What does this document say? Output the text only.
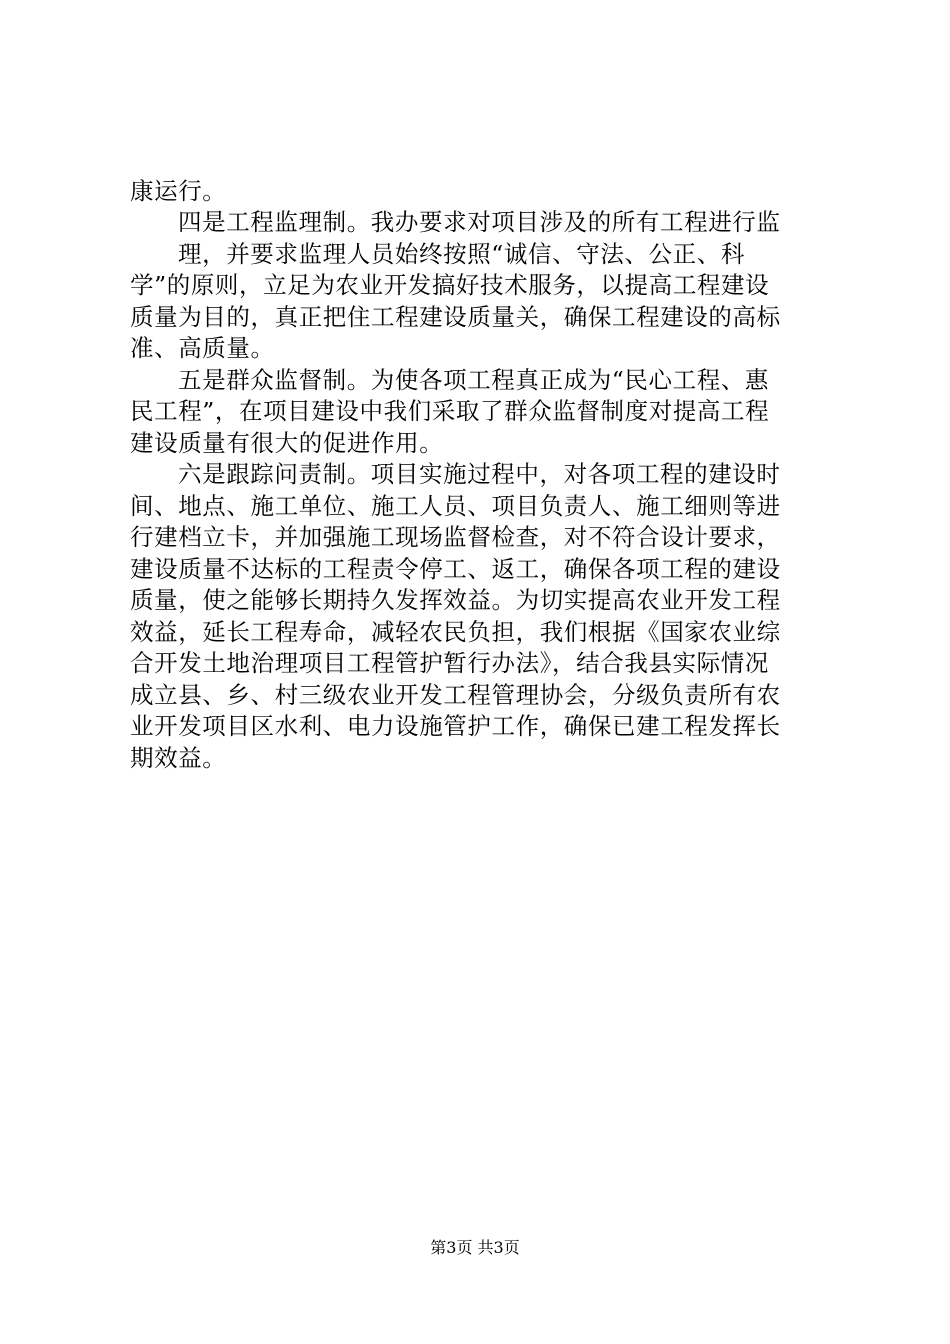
康运行。
四是工程监理制。我办要求对项目涉及的所有工程进行监
理，并要求监理人员始终按照“诚信、守法、公正、科
学”的原则，立足为农业开发搞好技术服务，以提高工程建设
质量为目的，真正把住工程建设质量关，确保工程建设的高标
准、高质量。
五是群众监督制。为使各项工程真正成为“民心工程、惠
民工程”，在项目建设中我们采取了群众监督制度对提高工程
建设质量有很大的促进作用。
六是跟踪问责制。项目实施过程中，对各项工程的建设时
间、地点、施工单位、施工人员、项目负责人、施工细则等进
行建档立卡，并加强施工现场监督检查，对不符合设计要求，
建设质量不达标的工程责令停工、返工，确保各项工程的建设
质量，使之能够长期持久发挥效益。为切实提高农业开发工程
效益，延长工程寿命，减轻农民负担，我们根据《国家农业综
合开发土地治理项目工程管护暂行办法》，结合我县实际情况
成立县、乡、村三级农业开发工程管理协会，分级负责所有农
业开发项目区水利、电力设施管护工作，确保已建工程发挥长
期效益。
第3页 共3页
